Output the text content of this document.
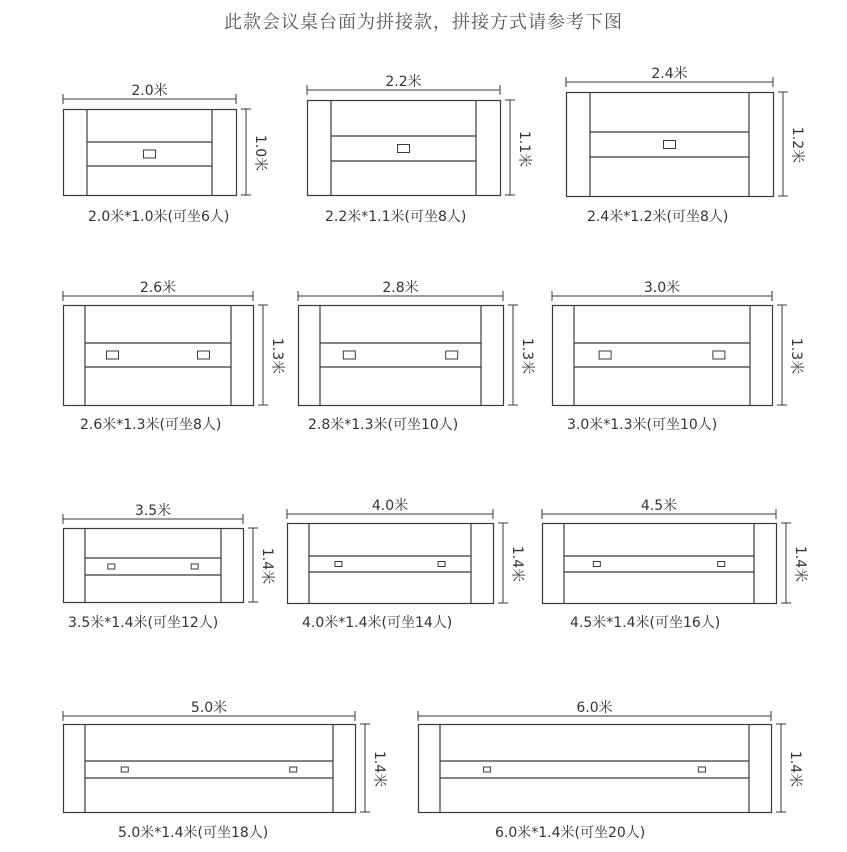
此款会议桌台面为拼接款，拼接方式请参考下图
2.0米
1.0米
2.0米*1.0米(可坐6人)
2.2米
1.1米
2.2米*1.1米(可坐8人)
2.4米
1.2米
2.4米*1.2米(可坐8人)
2.6米
1.3米
2.6米*1.3米(可坐8人)
2.8米
1.3米
2.8米*1.3米(可坐10人)
3.0米
1.3米
3.0米*1.3米(可坐10人)
3.5米
1.4米
3.5米*1.4米(可坐12人)
4.0米
1.4米
4.0米*1.4米(可坐14人)
4.5米
1.4米
4.5米*1.4米(可坐16人)
5.0米
1.4米
5.0米*1.4米(可坐18人)
6.0米
1.4米
6.0米*1.4米(可坐20人)
